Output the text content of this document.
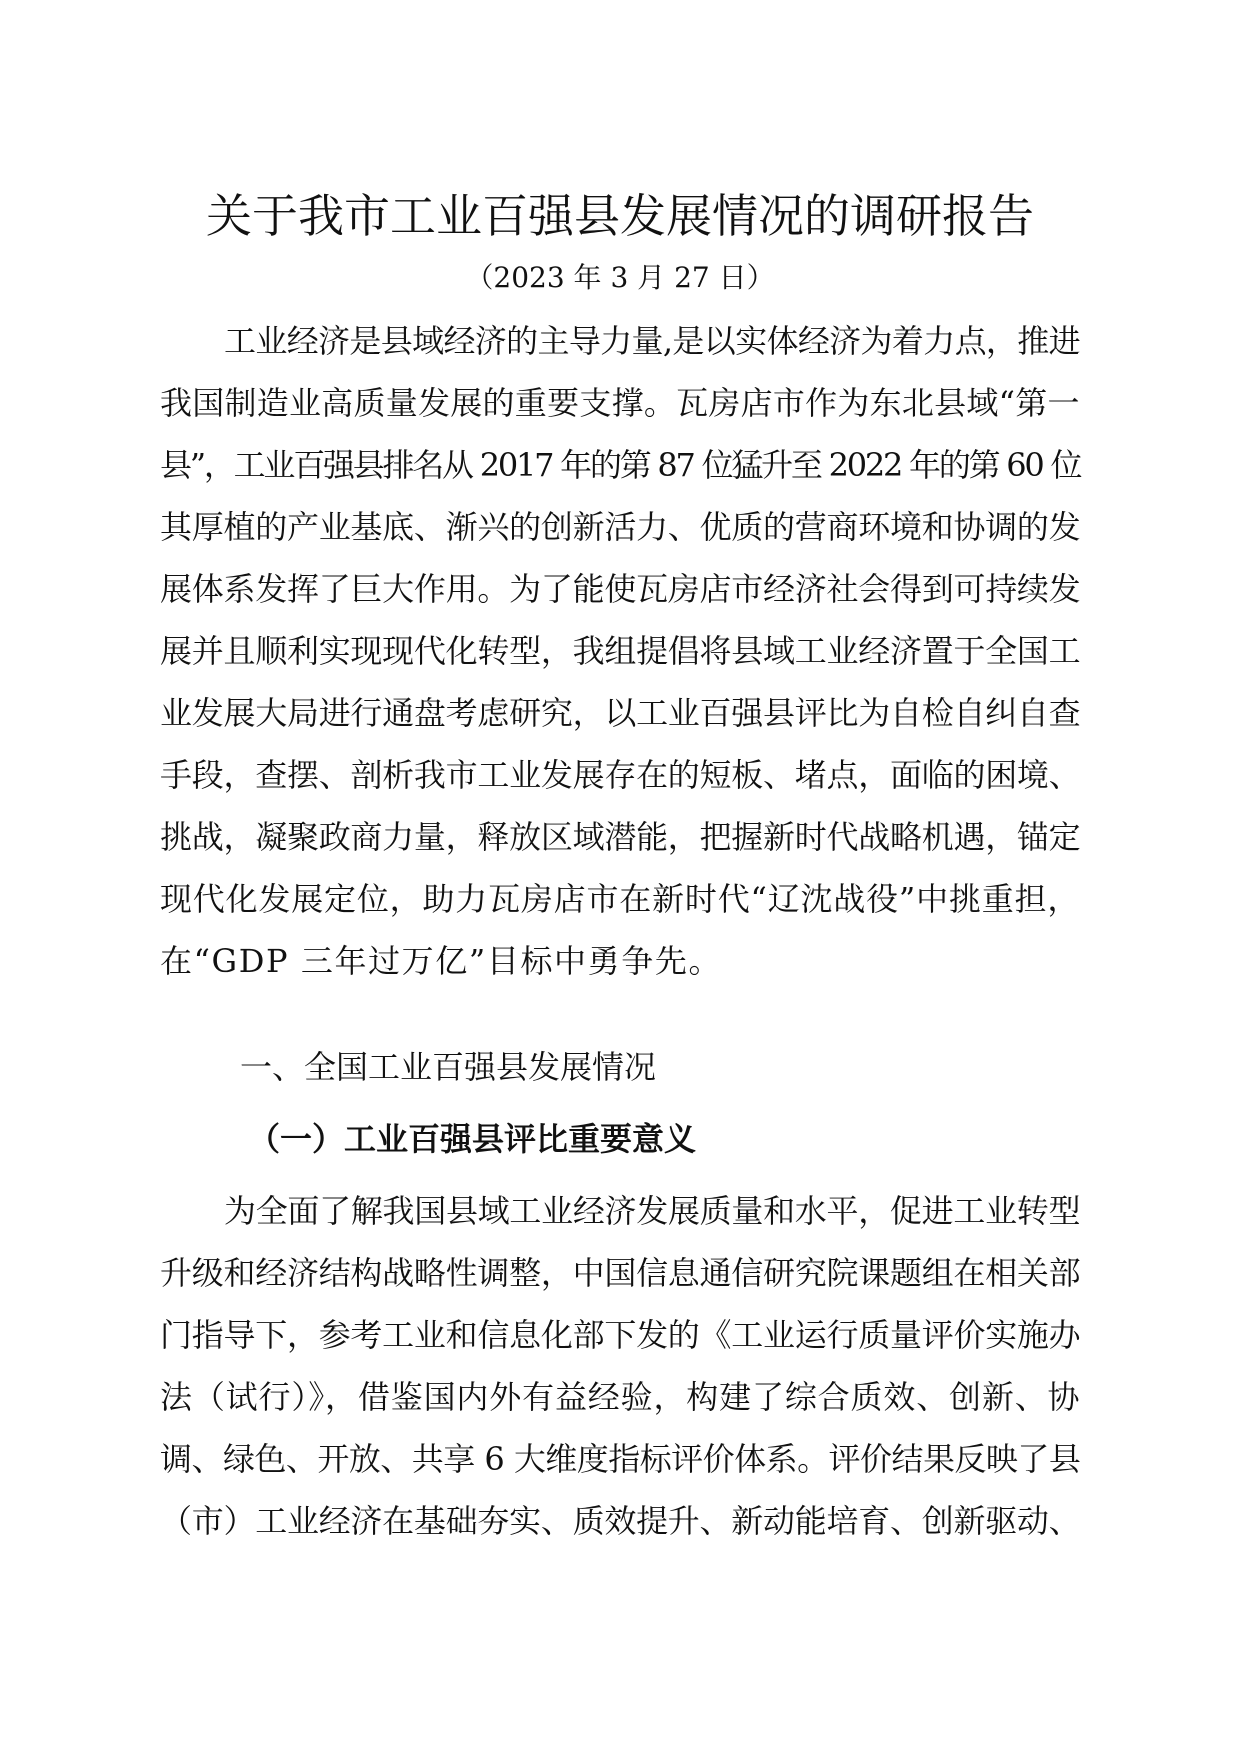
关于我市工业百强县发展情况的调研报告
（2023 年 3 月 27 日）
工业经济是县域经济的主导力量,是以实体经济为着力点，推进
我国制造业高质量发展的重要支撑。瓦房店市作为东北县域“第一
县”，工业百强县排名从 2017 年的第 87 位猛升至 2022 年的第 60 位
其厚植的产业基底、渐兴的创新活力、优质的营商环境和协调的发
展体系发挥了巨大作用。为了能使瓦房店市经济社会得到可持续发
展并且顺利实现现代化转型，我组提倡将县域工业经济置于全国工
业发展大局进行通盘考虑研究，以工业百强县评比为自检自纠自查
手段，查摆、剖析我市工业发展存在的短板、堵点，面临的困境、
挑战，凝聚政商力量，释放区域潜能，把握新时代战略机遇，锚定
现代化发展定位，助力瓦房店市在新时代“辽沈战役”中挑重担，
在“GDP 三年过万亿”目标中勇争先。
一、全国工业百强县发展情况
（一）工业百强县评比重要意义
为全面了解我国县域工业经济发展质量和水平，促进工业转型
升级和经济结构战略性调整，中国信息通信研究院课题组在相关部
门指导下，参考工业和信息化部下发的《工业运行质量评价实施办
法（试行）》，借鉴国内外有益经验，构建了综合质效、创新、协
调、绿色、开放、共享 6 大维度指标评价体系。评价结果反映了县
（市）工业经济在基础夯实、质效提升、新动能培育、创新驱动、
